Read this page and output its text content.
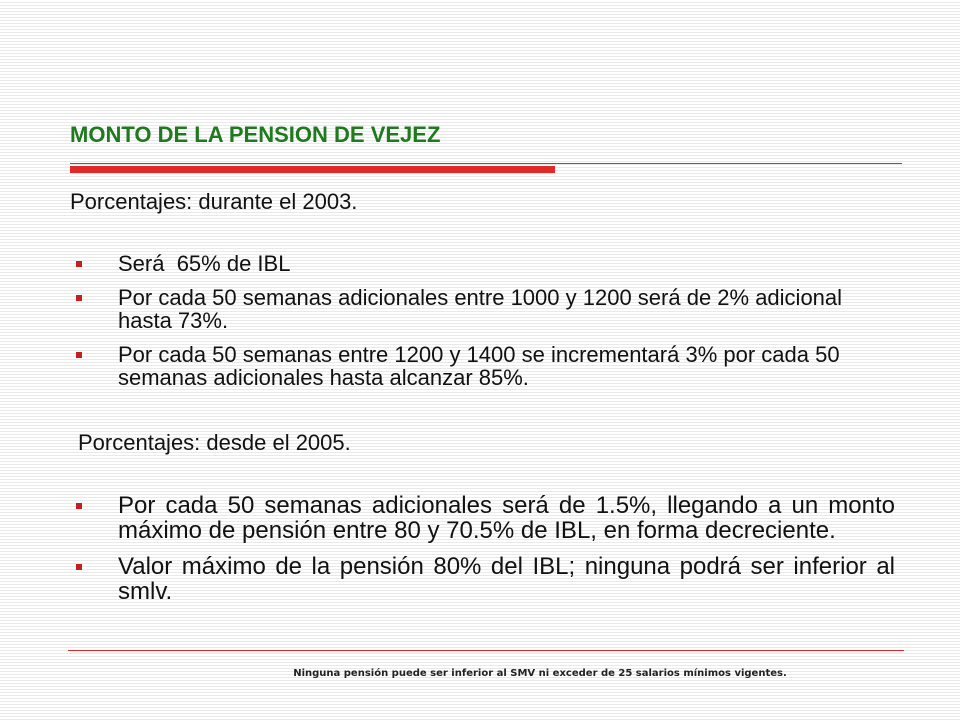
MONTO DE LA PENSION DE VEJEZ
Porcentajes: durante el 2003.
Será  65% de IBL
Por cada 50 semanas adicionales entre 1000 y 1200 será de 2% adicional hasta 73%.
Por cada 50 semanas entre 1200 y 1400 se incrementará 3% por cada 50 semanas adicionales hasta alcanzar 85%.
Porcentajes: desde el 2005.
Por cada 50 semanas adicionales será de 1.5%, llegando a un monto   máximo de pensión entre 80 y 70.5% de IBL, en forma decreciente.
Valor máximo de la pensión 80% del IBL; ninguna podrá ser inferior al smlv.
Ninguna pensión puede ser inferior al SMV ni exceder de 25 salarios mínimos vigentes.
